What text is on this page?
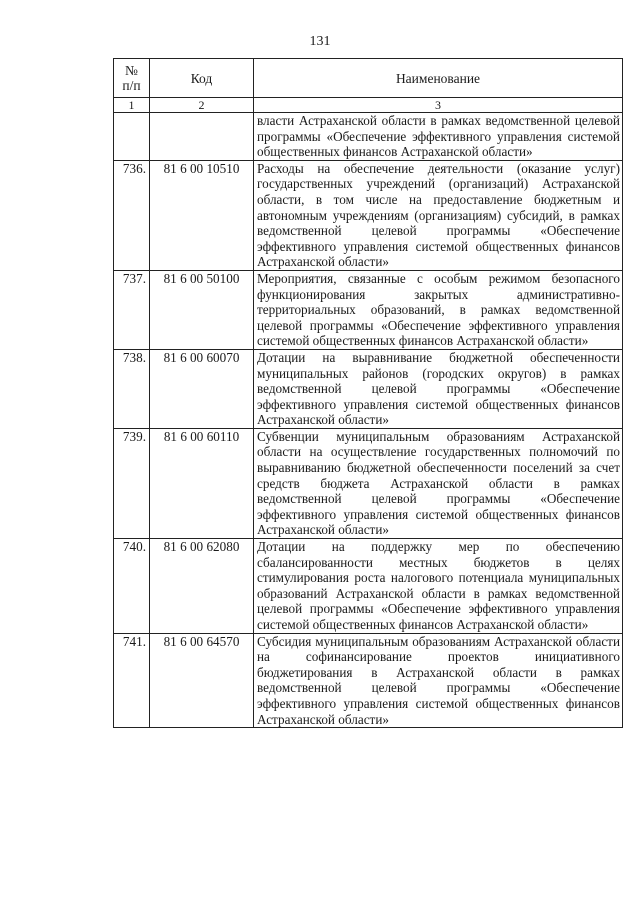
131
№
п/п	Код	Наименование
1	2	3
		власти Астраханской области в рамках ведомственной целевой программы «Обеспечение эффективного управления системой общественных финансов Астраханской области»
736.	81 6 00 10510	Расходы на обеспечение деятельности (оказание услуг) государственных учреждений (организаций) Астраханской области, в том числе на предоставление бюджетным и автономным учреждениям (организациям) субсидий, в рамках ведомственной целевой программы «Обеспечение эффективного управления системой общественных финансов Астраханской области»
737.	81 6 00 50100	Мероприятия, связанные с особым режимом безопасного функционирования закрытых административно-территориальных образований, в рамках ведомственной целевой программы «Обеспечение эффективного управления системой общественных финансов Астраханской области»
738.	81 6 00 60070	Дотации на выравнивание бюджетной обеспеченности муниципальных районов (городских округов) в рамках ведомственной целевой программы «Обеспечение эффективного управления системой общественных финансов Астраханской области»
739.	81 6 00 60110	Субвенции муниципальным образованиям Астраханской области на осуществление государственных полномочий по выравниванию бюджетной обеспеченности поселений за счет средств бюджета Астраханской области в рамках ведомственной целевой программы «Обеспечение эффективного управления системой общественных финансов Астраханской области»
740.	81 6 00 62080	Дотации на поддержку мер по обеспечению сбалансированности местных бюджетов в целях стимулирования роста налогового потенциала муниципальных образований Астраханской области в рамках ведомственной целевой программы «Обеспечение эффективного управления системой общественных финансов Астраханской области»
741.	81 6 00 64570	Субсидия муниципальным образованиям Астраханской области на софинансирование проектов инициативного бюджетирования в Астраханской области в рамках ведомственной целевой программы «Обеспечение эффективного управления системой общественных финансов Астраханской области»
